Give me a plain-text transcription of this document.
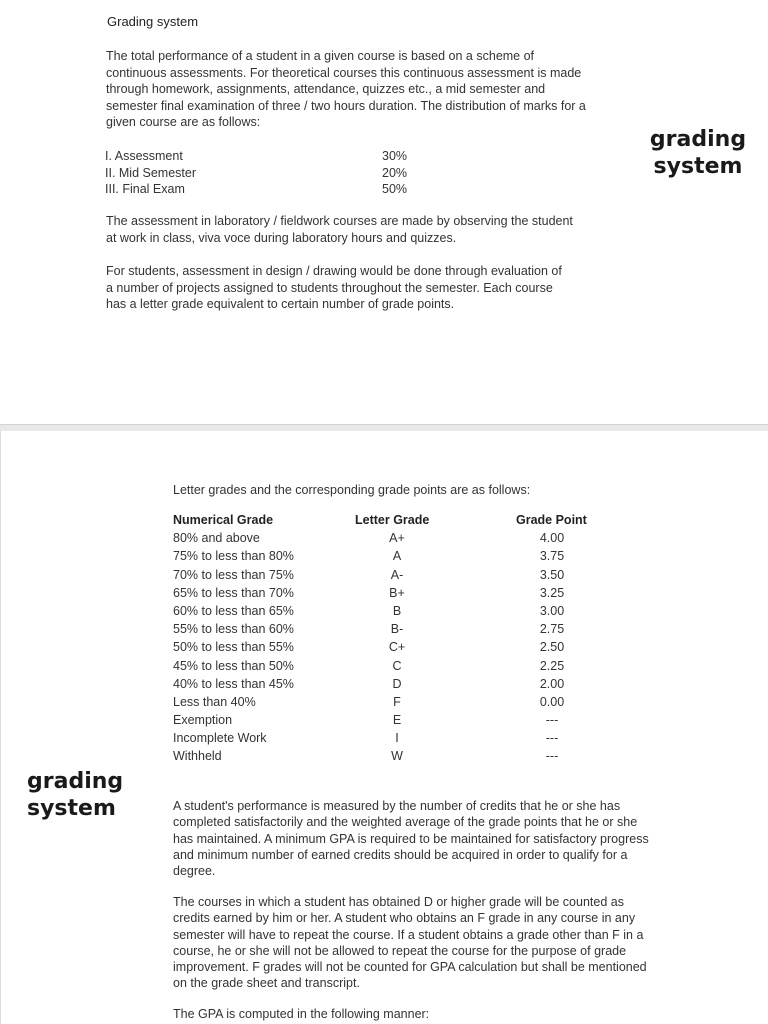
Grading system
The total performance of a student in a given course is based on a scheme of continuous assessments. For theoretical courses this continuous assessment is made through homework, assignments, attendance, quizzes etc., a mid semester and semester final examination of three / two hours duration. The distribution of marks for a given course are as follows:
I. Assessment	30%
II. Mid Semester	20%
III. Final Exam	50%
The assessment in laboratory / fieldwork courses are made by observing the student at work in class, viva voce during laboratory hours and quizzes.
For students, assessment in design / drawing would be done through evaluation of a number of projects assigned to students throughout the semester. Each course has a letter grade equivalent to certain number of grade points.
grading
system
Letter grades and the corresponding grade points are as follows:
Numerical Grade	Letter Grade	Grade Point
80% and above	A+	4.00
75% to less than 80%	A	3.75
70% to less than 75%	A-	3.50
65% to less than 70%	B+	3.25
60% to less than 65%	B	3.00
55% to less than 60%	B-	2.75
50% to less than 55%	C+	2.50
45% to less than 50%	C	2.25
40% to less than 45%	D	2.00
Less than 40%	F	0.00
Exemption	E	---
Incomplete Work	I	---
Withheld	W	---
A student's performance is measured by the number of credits that he or she has completed satisfactorily and the weighted average of the grade points that he or she has maintained. A minimum GPA is required to be maintained for satisfactory progress and minimum number of earned credits should be acquired in order to qualify for a degree.
The courses in which a student has obtained D or higher grade will be counted as credits earned by him or her. A student who obtains an F grade in any course in any semester will have to repeat the course. If a student obtains a grade other than F in a course, he or she will not be allowed to repeat the course for the purpose of grade improvement. F grades will not be counted for GPA calculation but shall be mentioned on the grade sheet and transcript.
The GPA is computed in the following manner:
grading
system
